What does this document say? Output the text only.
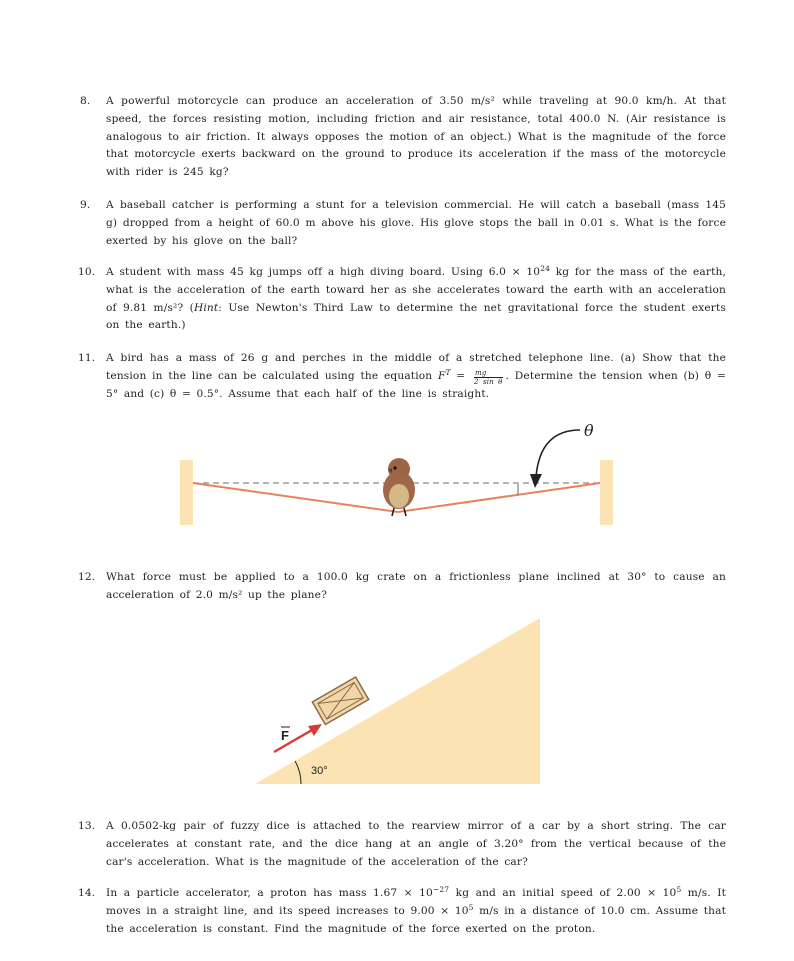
8.	A powerful motorcycle can produce an acceleration of 3.50 m/s² while traveling at 90.0 km/h. At that speed, the forces resisting motion, including friction and air resistance, total 400.0 N. (Air resistance is analogous to air friction. It always opposes the motion of an object.) What is the magnitude of the force that motorcycle exerts backward on the ground to produce its acceleration if the mass of the motorcycle with rider is 245 kg?
9.	A baseball catcher is performing a stunt for a television commercial. He will catch a baseball (mass 145 g) dropped from a height of 60.0 m above his glove. His glove stops the ball in 0.01 s. What is the force exerted by his glove on the ball?
10.	A student with mass 45 kg jumps off a high diving board. Using $6.0 \times 10^{24}$ kg for the mass of the earth, what is the acceleration of the earth toward her as she accelerates toward the earth with an acceleration of 9.81 m/s²? (Hint: Use Newton's Third Law to determine the net gravitational force the student exerts on the earth.)
11.	A bird has a mass of 26 g and perches in the middle of a stretched telephone line. (a) Show that the tension in the line can be calculated using the equation $F^T = \frac{mg}{\text{2 sin θ}}$ . Determine the tension when (b) θ = 5° and (c) θ = 0.5°. Assume that each half of the line is straight.
θ
12.	What force must be applied to a 100.0 kg crate on a frictionless plane inclined at 30° to cause an acceleration of 2.0 m/s² up the plane?
30°
F
13.	A 0.0502-kg pair of fuzzy dice is attached to the rearview mirror of a car by a short string. The car accelerates at constant rate, and the dice hang at an angle of 3.20° from the vertical because of the car's acceleration. What is the magnitude of the acceleration of the car?
14.	In a particle accelerator, a proton has mass $1.67 \times 10^{-27}$ kg and an initial speed of $2.00 \times 10^5$ m/s. It moves in a straight line, and its speed increases to $9.00 \times 10^5$ m/s in a distance of 10.0 cm. Assume that the acceleration is constant. Find the magnitude of the force exerted on the proton.
